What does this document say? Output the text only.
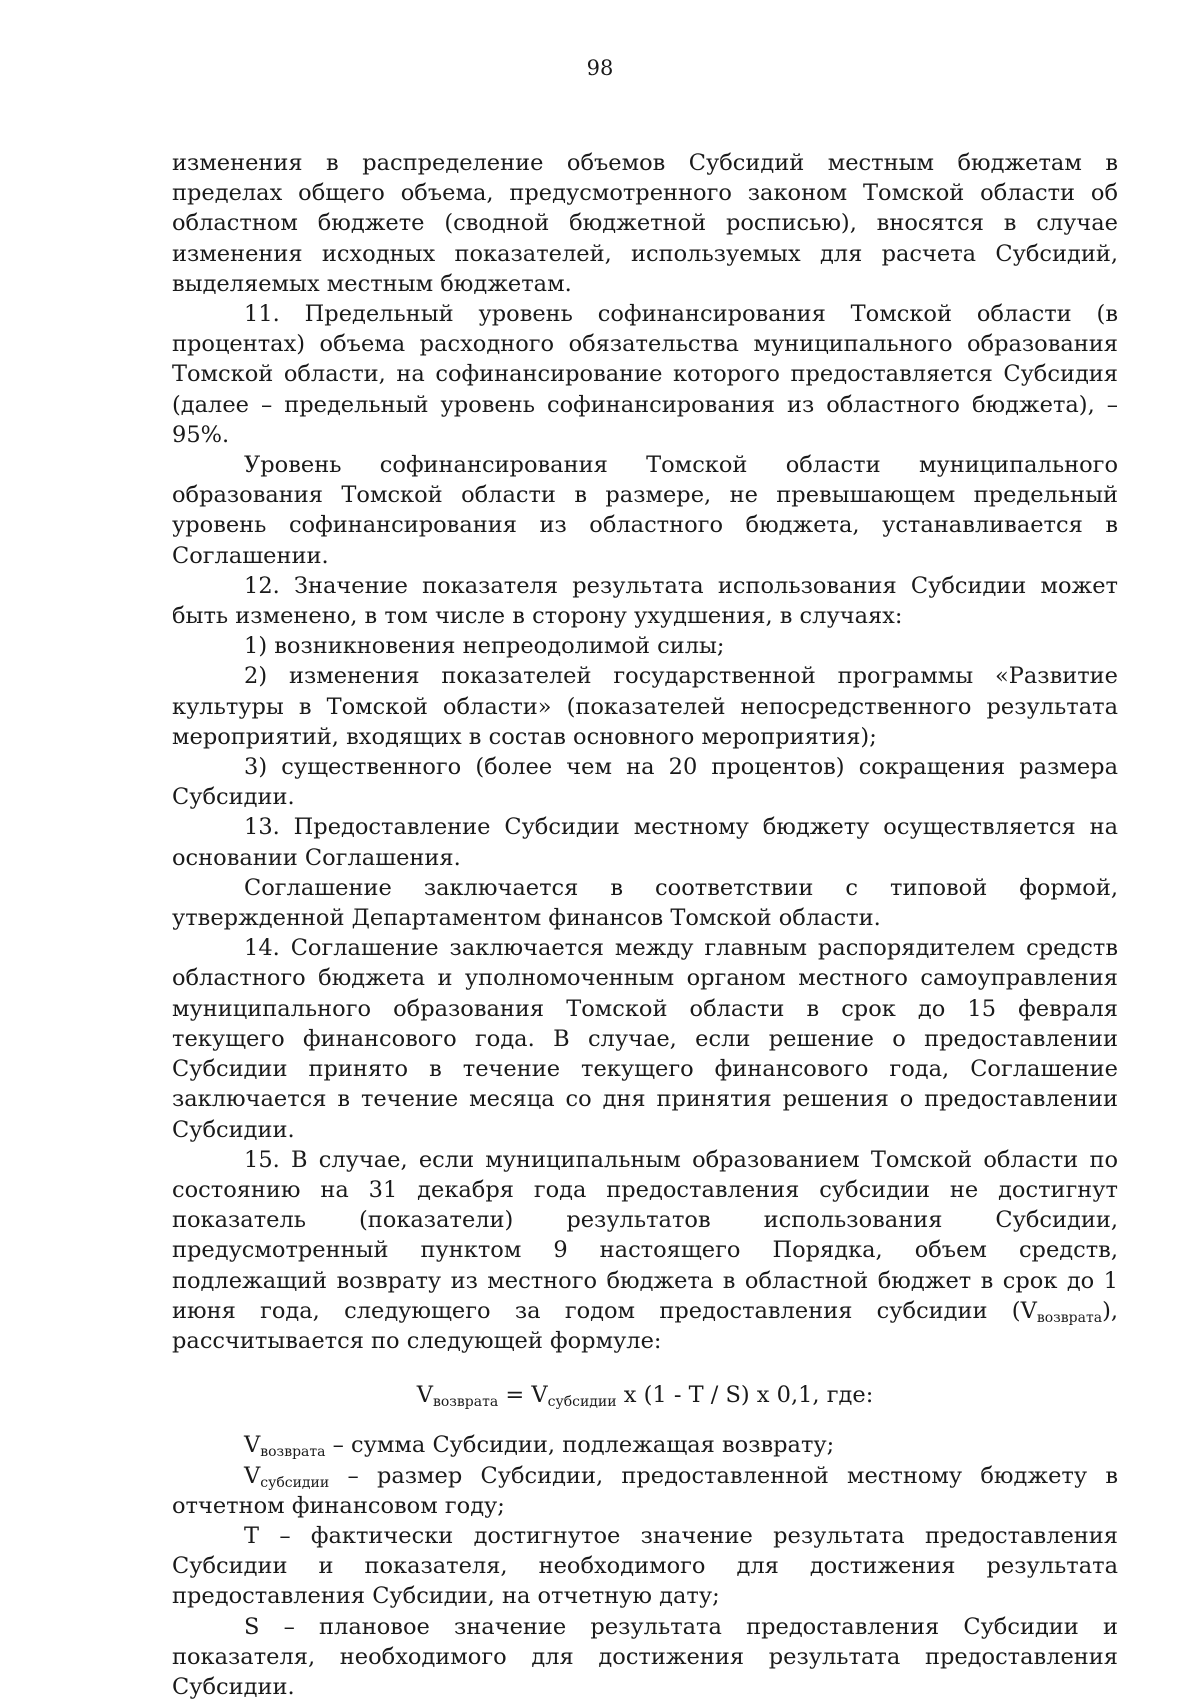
98

изменения в распределение объемов Субсидий местным бюджетам в пределах общего объема, предусмотренного законом Томской области об областном бюджете (сводной бюджетной росписью), вносятся в случае изменения исходных показателей, используемых для расчета Субсидий, выделяемых местным бюджетам.

11. Предельный уровень софинансирования Томской области (в процентах) объема расходного обязательства муниципального образования Томской области, на софинансирование которого предоставляется Субсидия (далее – предельный уровень софинансирования из областного бюджета), – 95%.

Уровень софинансирования Томской области муниципального образования Томской области в размере, не превышающем предельный уровень софинансирования из областного бюджета, устанавливается в Соглашении.

12. Значение показателя результата использования Субсидии может быть изменено, в том числе в сторону ухудшения, в случаях:

1) возникновения непреодолимой силы;

2) изменения показателей государственной программы «Развитие культуры в Томской области» (показателей непосредственного результата мероприятий, входящих в состав основного мероприятия);

3) существенного (более чем на 20 процентов) сокращения размера Субсидии.

13. Предоставление Субсидии местному бюджету осуществляется на основании Соглашения.

Соглашение заключается в соответствии с типовой формой, утвержденной Департаментом финансов Томской области.

14. Соглашение заключается между главным распорядителем средств областного бюджета и уполномоченным органом местного самоуправления муниципального образования Томской области в срок до 15 февраля текущего финансового года. В случае, если решение о предоставлении Субсидии принято в течение текущего финансового года, Соглашение заключается в течение месяца со дня принятия решения о предоставлении Субсидии.

15. В случае, если муниципальным образованием Томской области по состоянию на 31 декабря года предоставления субсидии не достигнут показатель (показатели) результатов использования Субсидии, предусмотренный пунктом 9 настоящего Порядка, объем средств, подлежащий возврату из местного бюджета в областной бюджет в срок до 1 июня года, следующего за годом предоставления субсидии $(V_{возврата})$, рассчитывается по следующей формуле:

$V_{возврата} = V_{субсидии}$ x (1 - T / S) x 0,1, где:

$V_{возврата}$ – сумма Субсидии, подлежащая возврату;

$V_{субсидии}$ – размер Субсидии, предоставленной местному бюджету в отчетном финансовом году;

T – фактически достигнутое значение результата предоставления Субсидии и показателя, необходимого для достижения результата предоставления Субсидии, на отчетную дату;

S – плановое значение результата предоставления Субсидии и показателя, необходимого для достижения результата предоставления Субсидии.
